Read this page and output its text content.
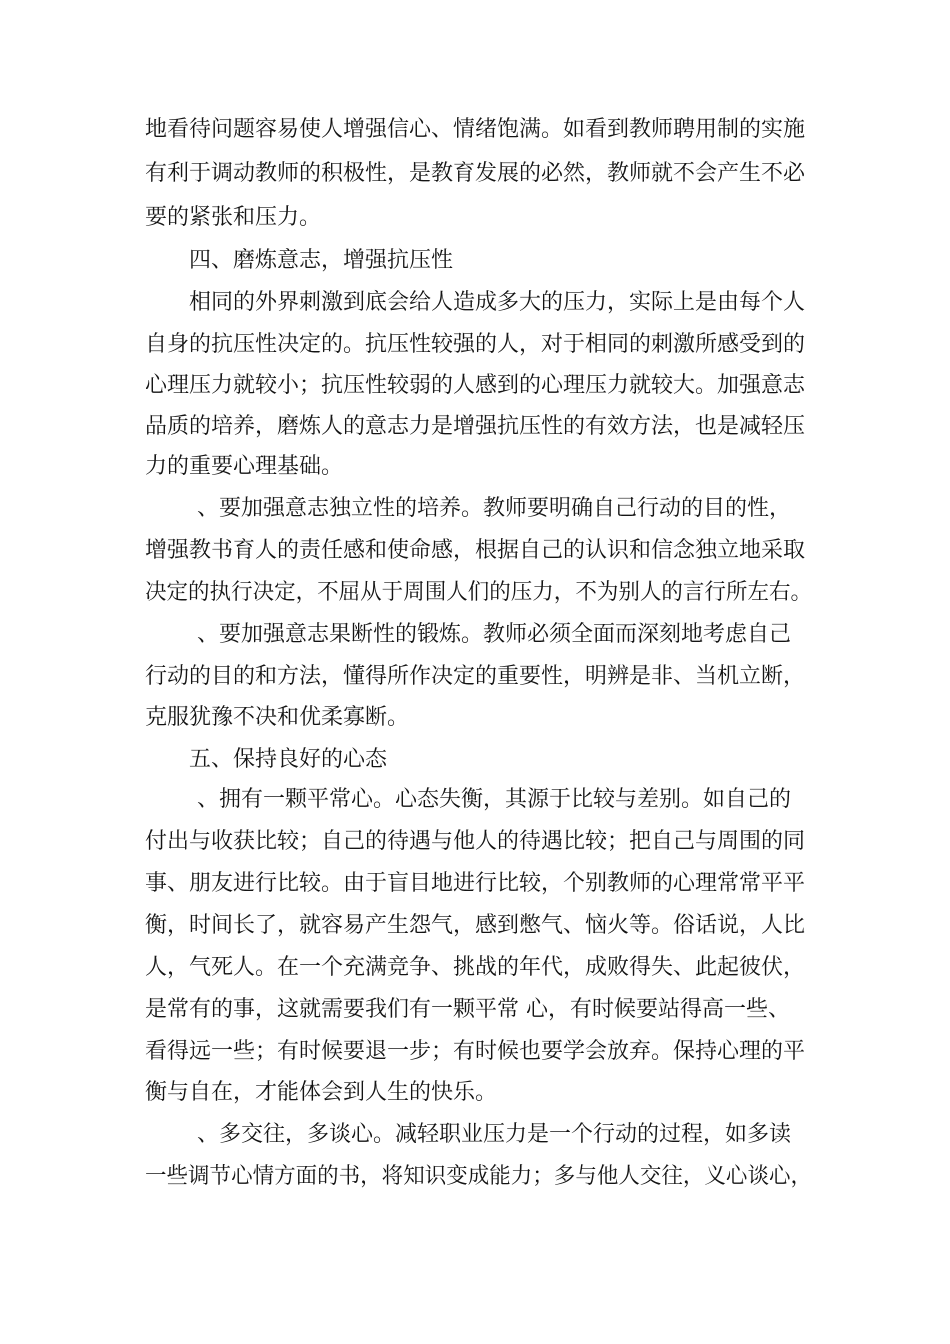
地看待问题容易使人增强信心、情绪饱满。如看到教师聘用制的实施
有利于调动教师的积极性，是教育发展的必然，教师就不会产生不必
要的紧张和压力。
四、磨炼意志，增强抗压性
相同的外界刺激到底会给人造成多大的压力，实际上是由每个人
自身的抗压性决定的。抗压性较强的人，对于相同的刺激所感受到的
心理压力就较小；抗压性较弱的人感到的心理压力就较大。加强意志
品质的培养，磨炼人的意志力是增强抗压性的有效方法，也是减轻压
力的重要心理基础。
、要加强意志独立性的培养。教师要明确自己行动的目的性，
增强教书育人的责任感和使命感，根据自己的认识和信念独立地采取
决定的执行决定，不屈从于周围人们的压力，不为别人的言行所左右。
、要加强意志果断性的锻炼。教师必须全面而深刻地考虑自己
行动的目的和方法，懂得所作决定的重要性，明辨是非、当机立断，
克服犹豫不决和优柔寡断。
五、保持良好的心态
、拥有一颗平常心。心态失衡，其源于比较与差别。如自己的
付出与收获比较；自己的待遇与他人的待遇比较；把自己与周围的同
事、朋友进行比较。由于盲目地进行比较，个别教师的心理常常平平
衡，时间长了，就容易产生怨气，感到憋气、恼火等。俗话说，人比
人，气死人。在一个充满竞争、挑战的年代，成败得失、此起彼伏，
是常有的事，这就需要我们有一颗平常 心，有时候要站得高一些、
看得远一些；有时候要退一步；有时候也要学会放弃。保持心理的平
衡与自在，才能体会到人生的快乐。
、多交往，多谈心。减轻职业压力是一个行动的过程，如多读
一些调节心情方面的书，将知识变成能力；多与他人交往，义心谈心，
